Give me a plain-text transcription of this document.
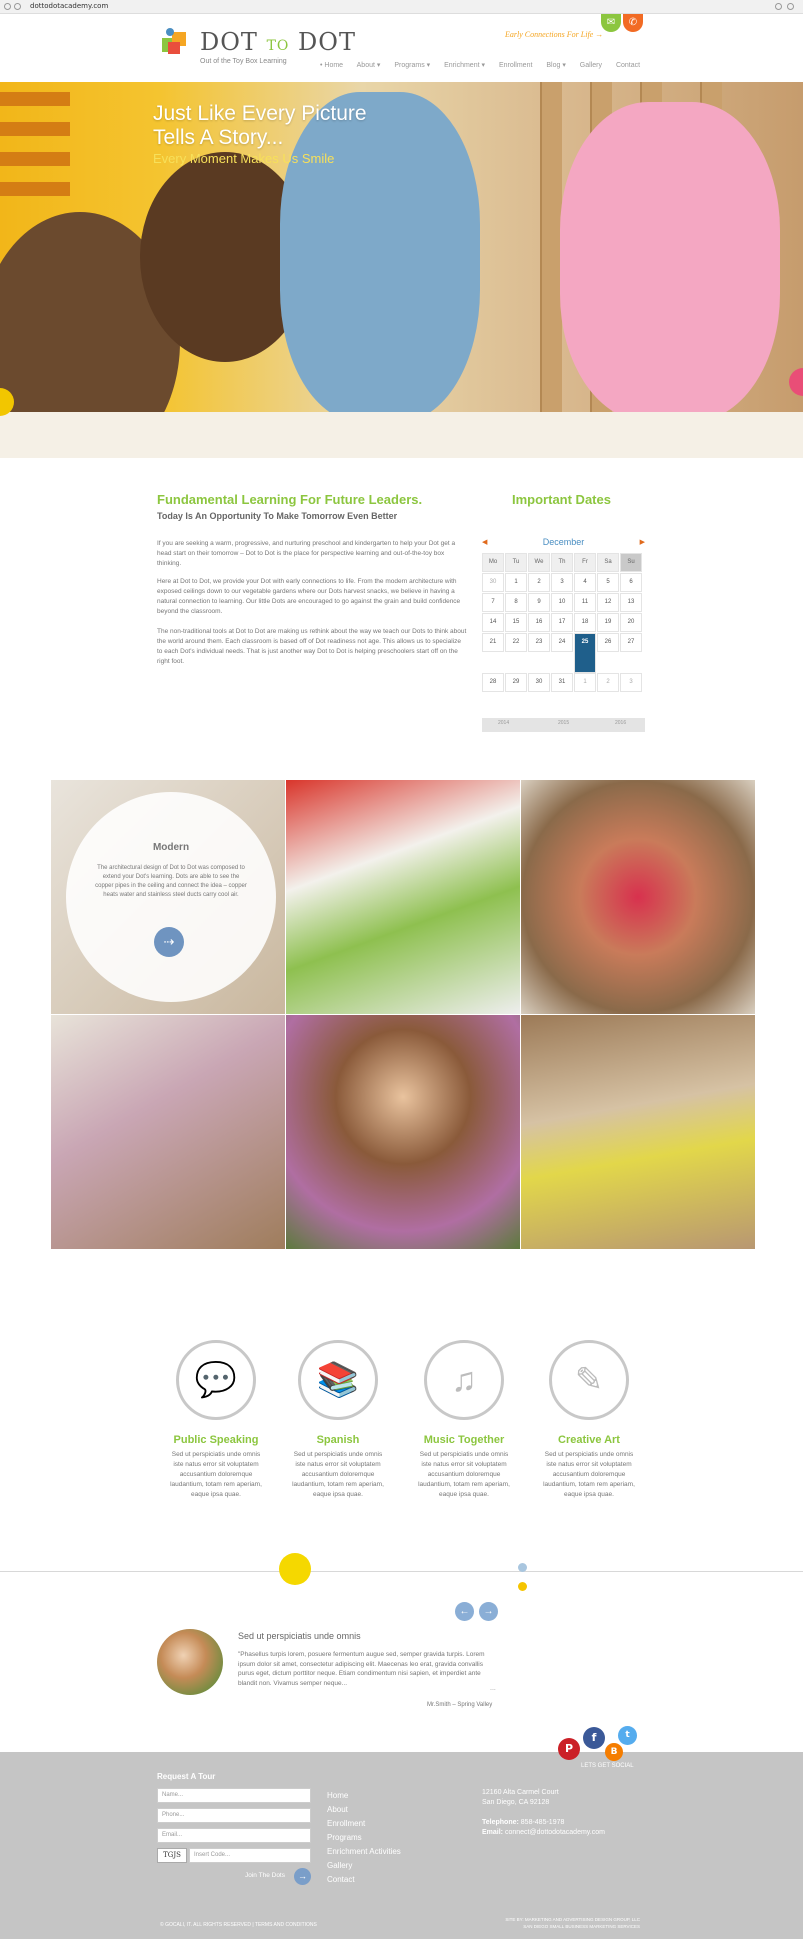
dottodotacademy.com
DOT TO DOT
Out of the Toy Box Learning
Early Connections For Life →
✉	✆
• Home About ▾ Programs ▾ Enrichment ▾ Enrollment Blog ▾ Gallery Contact
Just Like Every Picture
Tells A Story...
Every Moment Makes Us Smile
Fundamental Learning For Future Leaders.
Today Is An Opportunity To Make Tomorrow Even Better
If you are seeking a warm, progressive, and nurturing preschool and kindergarten to help your Dot get a head start on their tomorrow – Dot to Dot is the place for perspective learning and out-of-the-toy box thinking.
Here at Dot to Dot, we provide your Dot with early connections to life. From the modern architecture with exposed ceilings down to our vegetable gardens where our Dots harvest snacks, we believe in having a natural connection to learning. Our little Dots are encouraged to go against the grain and build confidence beyond the classroom.
The non-traditional tools at Dot to Dot are making us rethink about the way we teach our Dots to think about the world around them. Each classroom is based off of Dot readiness not age. This allows us to specialize to each Dot's individual needs. That is just another way Dot to Dot is helping preschoolers start off on the right foot.
Important Dates
◀	December	▶
Mo	Tu	We	Th	Fr	Sa	Su
30	1	2	3	4	5	6
7	8	9	10	11	12	13
14	15	16	17	18	19	20
21	22	23	24	25	26	27
28	29	30	31	1	2	3
2014	2015	2016
Modern
The architectural design of Dot to Dot was composed to extend your Dot's learning. Dots are able to see the copper pipes in the ceiling and connect the idea – copper heats water and stainless steel ducts carry cool air.
⇢
💬
Public Speaking
Sed ut perspiciatis unde omnis iste natus error sit voluptatem accusantium doloremque laudantium, totam rem aperiam, eaque ipsa quae.
📚
Spanish
Sed ut perspiciatis unde omnis iste natus error sit voluptatem accusantium doloremque laudantium, totam rem aperiam, eaque ipsa quae.
♫
Music Together
Sed ut perspiciatis unde omnis iste natus error sit voluptatem accusantium doloremque laudantium, totam rem aperiam, eaque ipsa quae.
✎
Creative Art
Sed ut perspiciatis unde omnis iste natus error sit voluptatem accusantium doloremque laudantium, totam rem aperiam, eaque ipsa quae.
←	→
Sed ut perspiciatis unde omnis
"Phasellus turpis lorem, posuere fermentum augue sed, semper gravida turpis. Lorem ipsum dolor sit amet, consectetur adipiscing elit. Maecenas leo erat, gravida convallis purus eget, dictum porttitor neque. Etiam condimentum nisi sapien, et imperdiet ante blandit non. Vivamus semper neque...
...
Mr.Smith – Spring Valley
P
f
B
t
LETS GET SOCIAL
Request A Tour
Name...
Phone...
Email...
TGJS	Insert Code...
Join The Dots	→
Home
About
Enrollment
Programs
Enrichment Activities
Gallery
Contact
12160 Alta Carmel Court
San Diego, CA 92128
Telephone: 858-485-1978
Email: connect@dottodotacademy.com
© GOCALI, IT. ALL RIGHTS RESERVED | TERMS AND CONDITIONS
SITE BY: MARKETING AND ADVERTISING DESIGN GROUP, LLC
SAN DIEGO SMALL BUSINESS MARKETING SERVICES
